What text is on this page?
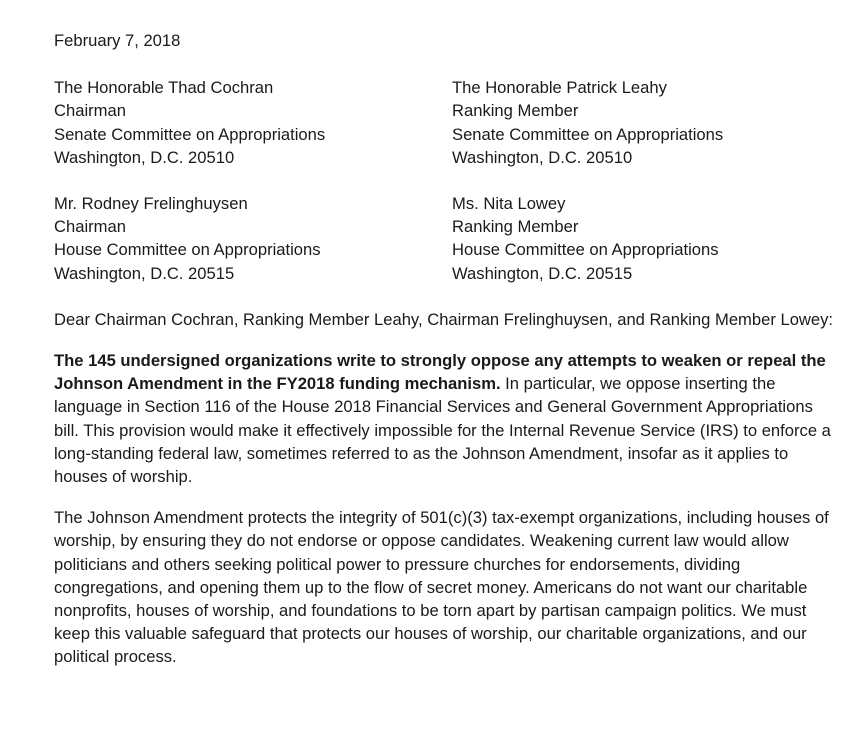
February 7, 2018
The Honorable Thad Cochran
Chairman
Senate Committee on Appropriations
Washington, D.C. 20510
The Honorable Patrick Leahy
Ranking Member
Senate Committee on Appropriations
Washington, D.C. 20510
Mr. Rodney Frelinghuysen
Chairman
House Committee on Appropriations
Washington, D.C. 20515
Ms. Nita Lowey
Ranking Member
House Committee on Appropriations
Washington, D.C. 20515

Dear Chairman Cochran, Ranking Member Leahy, Chairman Frelinghuysen, and Ranking Member Lowey:

The 145 undersigned organizations write to strongly oppose any attempts to weaken or repeal the Johnson Amendment in the FY2018 funding mechanism. In particular, we oppose inserting the language in Section 116 of the House 2018 Financial Services and General Government Appropriations bill. This provision would make it effectively impossible for the Internal Revenue Service (IRS) to enforce a long-standing federal law, sometimes referred to as the Johnson Amendment, insofar as it applies to houses of worship.

The Johnson Amendment protects the integrity of 501(c)(3) tax-exempt organizations, including houses of worship, by ensuring they do not endorse or oppose candidates. Weakening current law would allow politicians and others seeking political power to pressure churches for endorsements, dividing congregations, and opening them up to the flow of secret money. Americans do not want our charitable nonprofits, houses of worship, and foundations to be torn apart by partisan campaign politics. We must keep this valuable safeguard that protects our houses of worship, our charitable organizations, and our political process.
